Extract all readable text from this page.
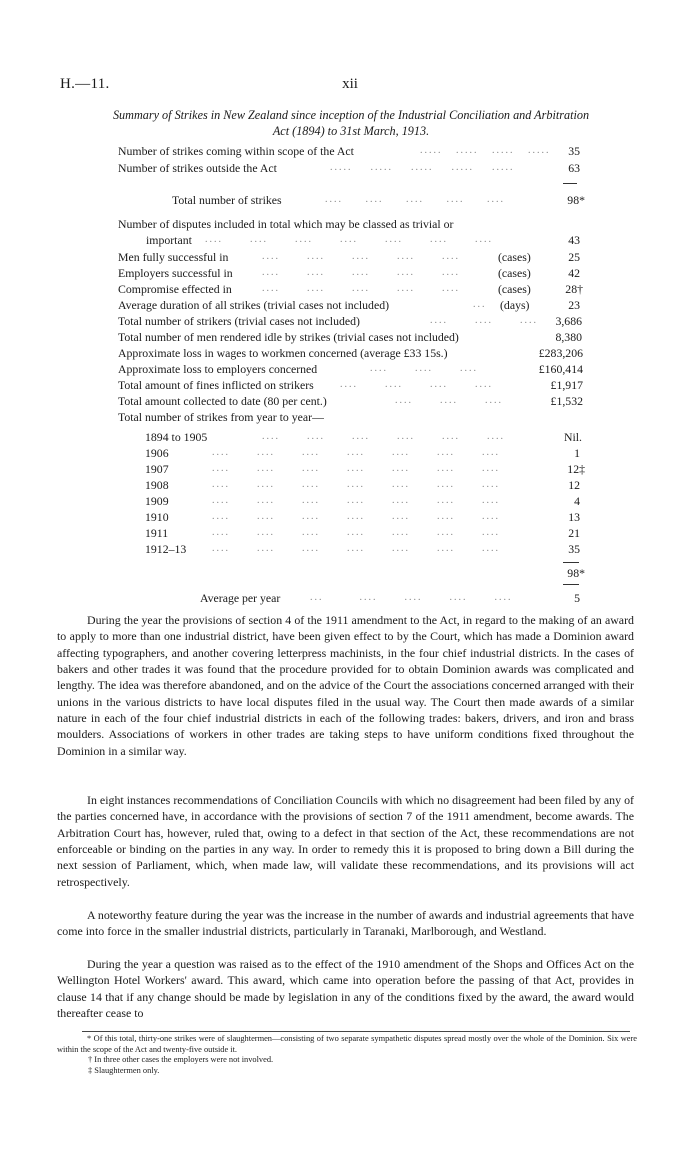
H.—11.	xii
Summary of Strikes in New Zealand since inception of the Industrial Conciliation and Arbitration
Act (1894) to 31st March, 1913.
Number of strikes coming within scope of the Act	.....   .....   .....   .....	35
Number of strikes outside the Act	.....    .....    .....    .....    .....	63
Total number of strikes	....     ....     ....     ....     ....	98*
Number of disputes included in total which may be classed as trivial or
important ....      ....      ....      ....      ....      ....      ....	43
Men fully successful in	....      ....      ....      ....      ....	(cases)	25
Employers successful in	....      ....      ....      ....      ....	(cases)	42
Compromise effected in	....      ....      ....      ....      ....	(cases)	28†
Average duration of all strikes (trivial cases not included)	...	(days)	23
Total number of strikers (trivial cases not included)	....      ....      ....	3,686
Total number of men rendered idle by strikes (trivial cases not included)	8,380
Approximate loss in wages to workmen concerned (average £33 15s.)	£283,206
Approximate loss to employers concerned	....      ....      ....	£160,414
Total amount of fines inflicted on strikers	....      ....      ....      ....	£1,917
Total amount collected to date (80 per cent.)	....      ....      ....	£1,532
Total number of strikes from year to year—
1894 to 1905	....      ....      ....      ....      ....      ....	Nil.
1906	....      ....      ....      ....      ....      ....      ....	1
1907	....      ....      ....      ....      ....      ....      ....	12‡
1908	....      ....      ....      ....      ....      ....      ....	12
1909	....      ....      ....      ....      ....      ....      ....	4
1910	....      ....      ....      ....      ....      ....      ....	13
1911	....      ....      ....      ....      ....      ....      ....	21
1912–13	....      ....      ....      ....      ....      ....      ....	35
98*
Average per year	...        ....      ....      ....      ....	5
During the year the provisions of section 4 of the 1911 amendment to the Act, in regard to the making of an award to apply to more than one industrial district, have been given effect to by the Court, which has made a Dominion award affecting typographers, and another covering letterpress machinists, in the four chief industrial districts. In the cases of bakers and other trades it was found that the procedure provided for to obtain Dominion awards was complicated and lengthy. The idea was therefore abandoned, and on the advice of the Court the associations concerned arranged with their unions in the various districts to have local disputes filed in the usual way. The Court then made awards of a similar nature in each of the four chief industrial districts in each of the following trades: bakers, drivers, and iron and brass moulders. Associations of workers in other trades are taking steps to have uniform conditions fixed throughout the Dominion in a similar way.
In eight instances recommendations of Conciliation Councils with which no disagreement had been filed by any of the parties concerned have, in accordance with the provisions of section 7 of the 1911 amendment, become awards. The Arbitration Court has, however, ruled that, owing to a defect in that section of the Act, these recommendations are not enforceable or binding on the parties in any way. In order to remedy this it is proposed to bring down a Bill during the next session of Parliament, which, when made law, will validate these recommendations, and its provisions will act retrospectively.
A noteworthy feature during the year was the increase in the number of awards and industrial agreements that have come into force in the smaller industrial districts, particularly in Taranaki, Marlborough, and Westland.
During the year a question was raised as to the effect of the 1910 amendment of the Shops and Offices Act on the Wellington Hotel Workers' award. This award, which came into operation before the passing of that Act, provides in clause 14 that if any change should be made by legislation in any of the conditions fixed by the award, the award would thereafter cease to
* Of this total, thirty-one strikes were of slaughtermen—consisting of two separate sympathetic disputes spread mostly over the whole of the Dominion. Six were within the scope of the Act and twenty-five outside it.
† In three other cases the employers were not involved.
‡ Slaughtermen only.
